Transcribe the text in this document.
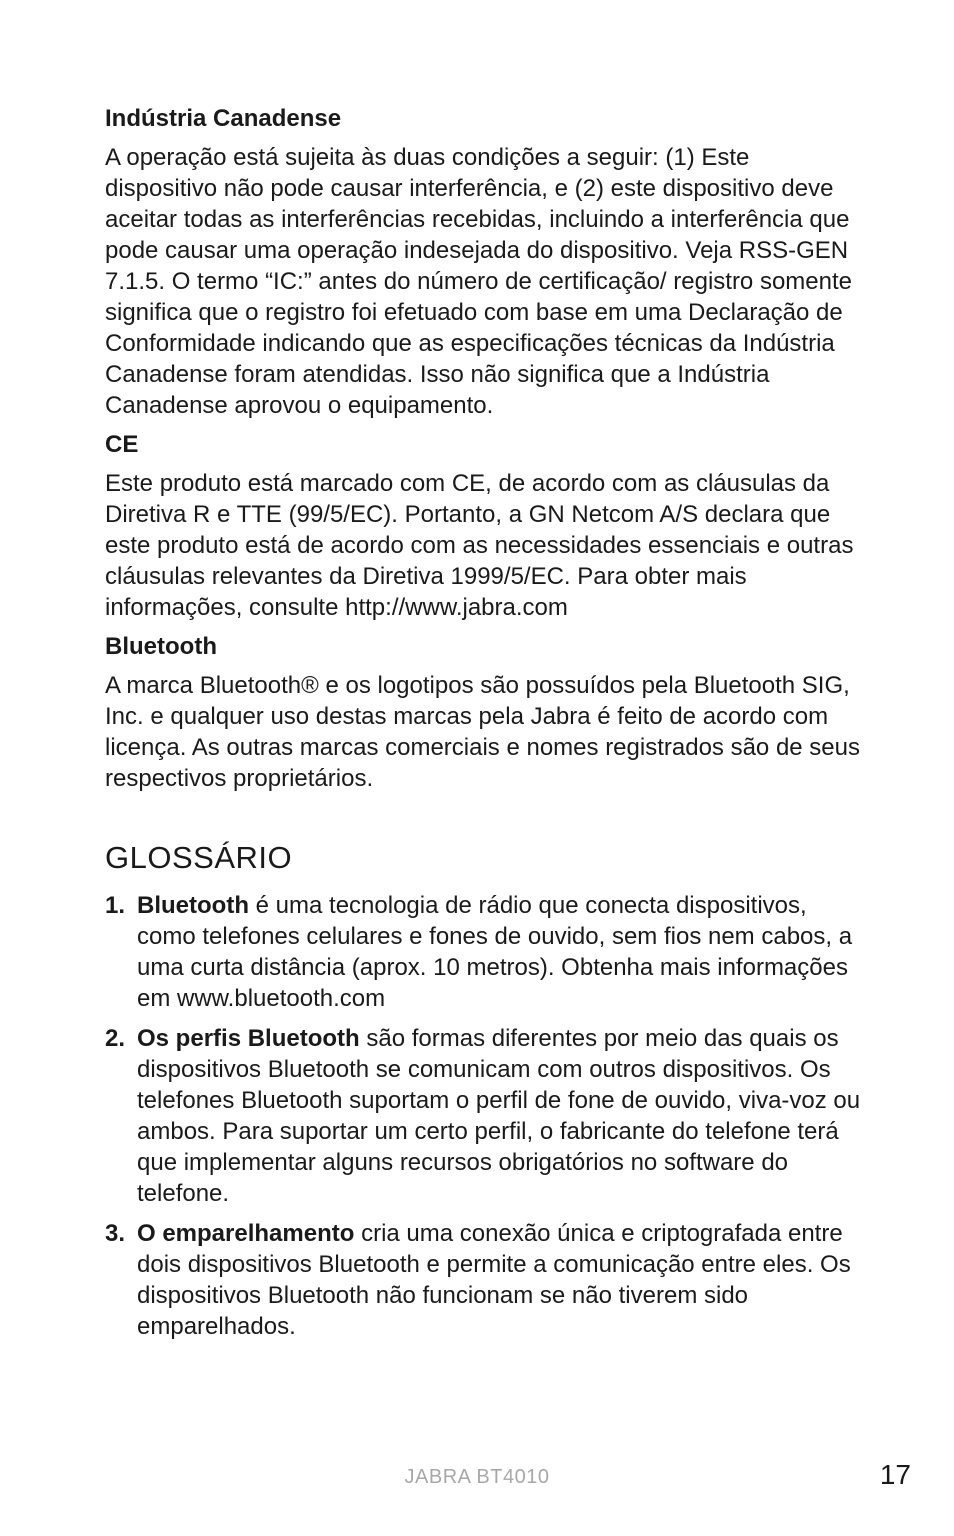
Indústria Canadense
A operação está sujeita às duas condições a seguir: (1) Este dispositivo não pode causar interferência, e (2) este dispositivo deve aceitar todas as interferências recebidas, incluindo a interferência que pode causar uma operação indesejada do dispositivo. Veja RSS-GEN 7.1.5. O termo “IC:” antes do número de certificação/ registro somente significa que o registro foi efetuado com base em uma Declaração de Conformidade indicando que as especificações técnicas da Indústria Canadense foram atendidas. Isso não significa que a Indústria Canadense aprovou o equipamento.
CE
Este produto está marcado com CE, de acordo com as cláusulas da Diretiva R e TTE (99/5/EC). Portanto, a GN Netcom A/S declara que este produto está de acordo com as necessidades essenciais e outras cláusulas relevantes da Diretiva 1999/5/EC. Para obter mais informações, consulte http://www.jabra.com
Bluetooth
A marca Bluetooth® e os logotipos são possuídos pela Bluetooth SIG, Inc. e qualquer uso destas marcas pela Jabra é feito de acordo com licença. As outras marcas comerciais e nomes registrados são de seus respectivos proprietários.
GLOSSÁRIO
1. Bluetooth é uma tecnologia de rádio que conecta dispositivos, como telefones celulares e fones de ouvido, sem fios nem cabos, a uma curta distância (aprox. 10 metros). Obtenha mais informações em www.bluetooth.com
2. Os perfis Bluetooth são formas diferentes por meio das quais os dispositivos Bluetooth se comunicam com outros dispositivos. Os telefones Bluetooth suportam o perfil de fone de ouvido, viva-voz ou ambos. Para suportar um certo perfil, o fabricante do telefone terá que implementar alguns recursos obrigatórios no software do telefone.
3. O emparelhamento cria uma conexão única e criptografada entre dois dispositivos Bluetooth e permite a comunicação entre eles. Os dispositivos Bluetooth não funcionam se não tiverem sido emparelhados.
JABRA BT4010	17
